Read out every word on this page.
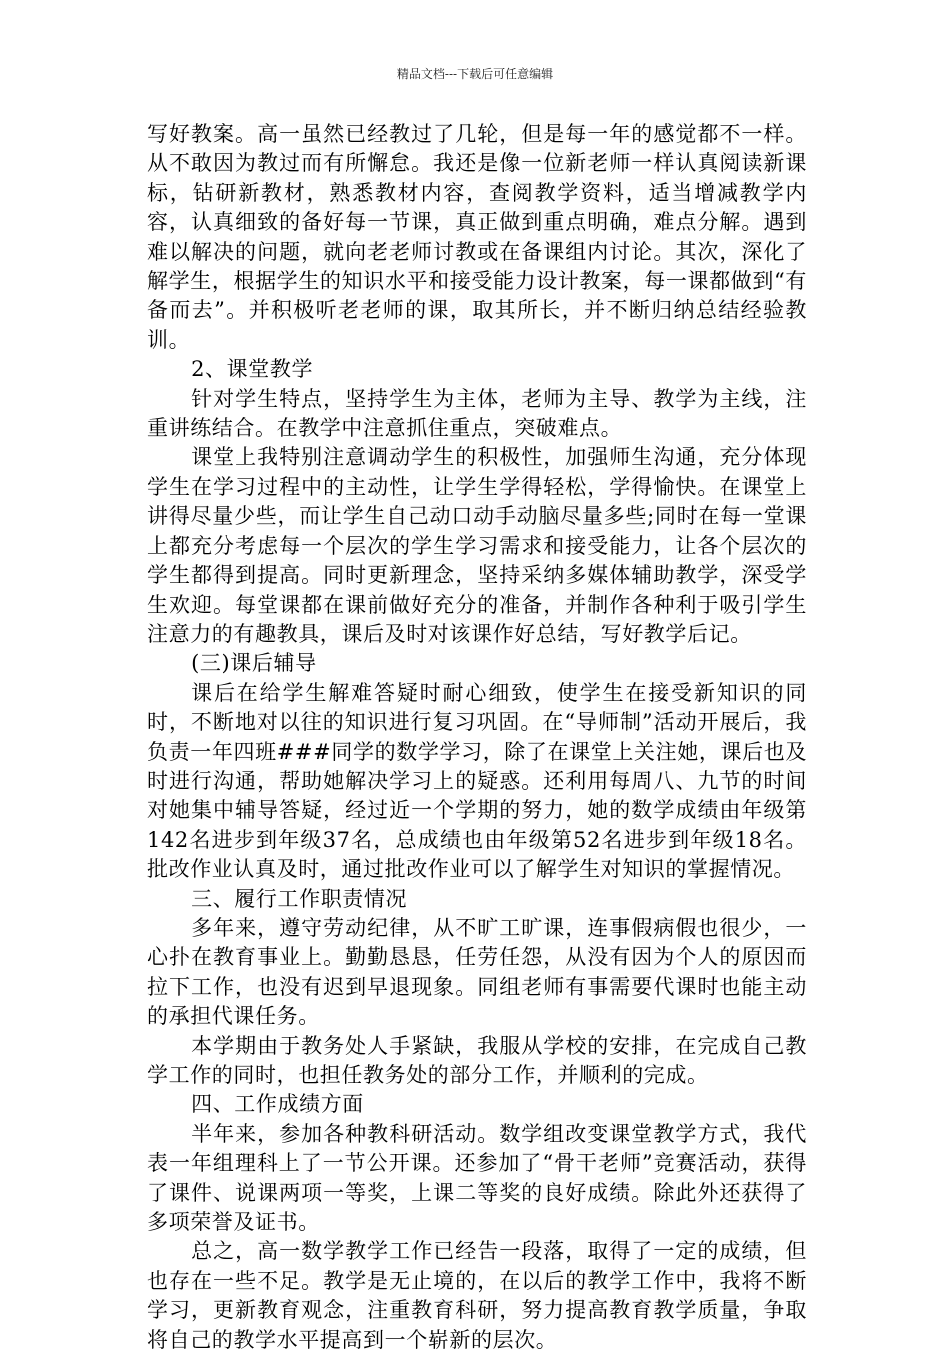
精品文档---下载后可任意编辑

写好教案。高一虽然已经教过了几轮，但是每一年的感觉都不一样。从不敢因为教过而有所懈怠。我还是像一位新老师一样认真阅读新课标，钻研新教材，熟悉教材内容，查阅教学资料，适当增减教学内容，认真细致的备好每一节课，真正做到重点明确，难点分解。遇到难以解决的问题，就向老老师讨教或在备课组内讨论。其次，深化了解学生，根据学生的知识水平和接受能力设计教案，每一课都做到“有备而去”。并积极听老老师的课，取其所长，并不断归纳总结经验教训。

2、课堂教学

针对学生特点，坚持学生为主体，老师为主导、教学为主线，注重讲练结合。在教学中注意抓住重点，突破难点。

课堂上我特别注意调动学生的积极性，加强师生沟通，充分体现学生在学习过程中的主动性，让学生学得轻松，学得愉快。在课堂上讲得尽量少些，而让学生自己动口动手动脑尽量多些;同时在每一堂课上都充分考虑每一个层次的学生学习需求和接受能力，让各个层次的学生都得到提高。同时更新理念，坚持采纳多媒体辅助教学，深受学生欢迎。每堂课都在课前做好充分的准备，并制作各种利于吸引学生注意力的有趣教具，课后及时对该课作好总结，写好教学后记。

(三)课后辅导

课后在给学生解难答疑时耐心细致，使学生在接受新知识的同时，不断地对以往的知识进行复习巩固。在“导师制”活动开展后，我负责一年四班###同学的数学学习，除了在课堂上关注她，课后也及时进行沟通，帮助她解决学习上的疑惑。还利用每周八、九节的时间对她集中辅导答疑，经过近一个学期的努力，她的数学成绩由年级第142名进步到年级37名，总成绩也由年级第52名进步到年级18名。批改作业认真及时，通过批改作业可以了解学生对知识的掌握情况。

三、履行工作职责情况

多年来，遵守劳动纪律，从不旷工旷课，连事假病假也很少，一心扑在教育事业上。勤勤恳恳，任劳任怨，从没有因为个人的原因而拉下工作，也没有迟到早退现象。同组老师有事需要代课时也能主动的承担代课任务。

本学期由于教务处人手紧缺，我服从学校的安排，在完成自己教学工作的同时，也担任教务处的部分工作，并顺利的完成。

四、工作成绩方面

半年来，参加各种教科研活动。数学组改变课堂教学方式，我代表一年组理科上了一节公开课。还参加了“骨干老师”竞赛活动，获得了课件、说课两项一等奖，上课二等奖的良好成绩。除此外还获得了多项荣誉及证书。

总之，高一数学教学工作已经告一段落，取得了一定的成绩，但也存在一些不足。教学是无止境的，在以后的教学工作中，我将不断学习，更新教育观念，注重教育科研，努力提高教育教学质量，争取将自己的教学水平提高到一个崭新的层次。
